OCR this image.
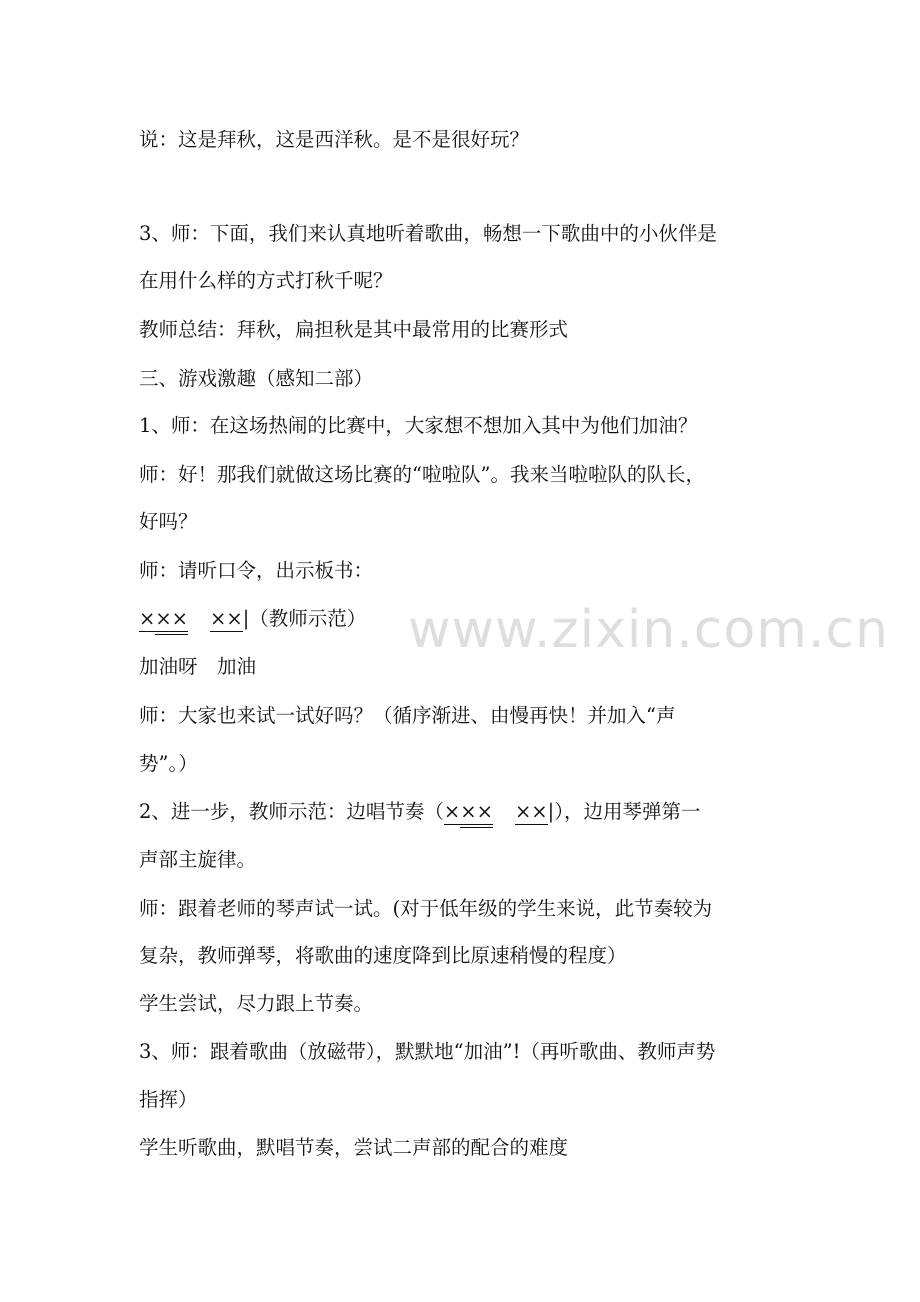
说：这是拜秋，这是西洋秋。是不是很好玩？
3、师：下面，我们来认真地听着歌曲，畅想一下歌曲中的小伙伴是
在用什么样的方式打秋千呢？
教师总结：拜秋，扁担秋是其中最常用的比赛形式
三、游戏激趣（感知二部）
1、师：在这场热闹的比赛中，大家想不想加入其中为他们加油？
师：好！那我们就做这场比赛的“啦啦队”。我来当啦啦队的队长，
好吗？
师：请听口令，出示板书：
××× ××|（教师示范）
加油呀　加油
师：大家也来试一试好吗？（循序渐进、由慢再快！并加入“声
势”。）
2、进一步，教师示范：边唱节奏（××× ××|），边用琴弹第一
声部主旋律。
师：跟着老师的琴声试一试。(对于低年级的学生来说，此节奏较为
复杂，教师弹琴，将歌曲的速度降到比原速稍慢的程度）
学生尝试，尽力跟上节奏。
3、师：跟着歌曲（放磁带），默默地“加油”!（再听歌曲、教师声势
指挥）
学生听歌曲，默唱节奏，尝试二声部的配合的难度
www.zixin.com.cn
